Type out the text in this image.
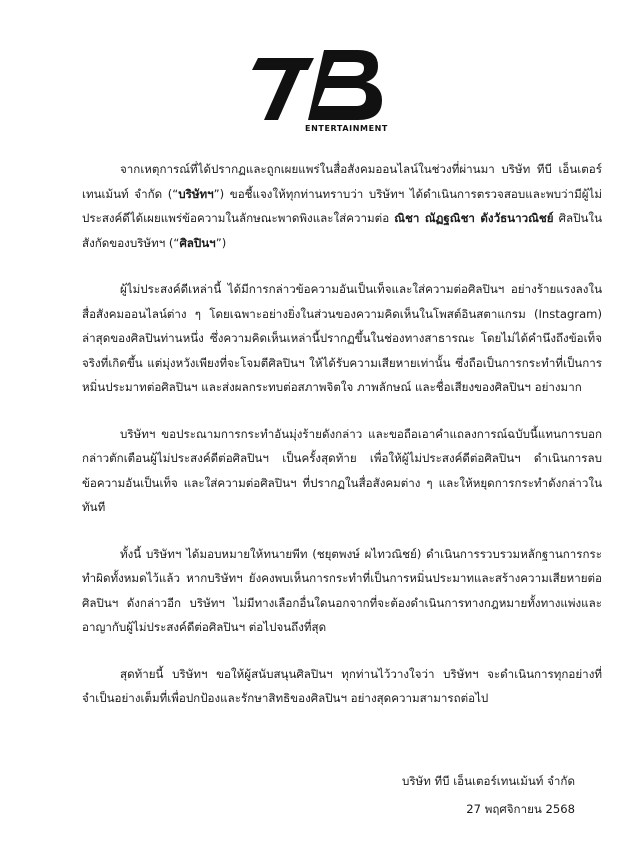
ENTERTAINMENT

จากเหตุการณ์ที่ได้ปรากฏและถูกเผยแพร่ในสื่อสังคมออนไลน์ในช่วงที่ผ่านมา บริษัท ทีบี เอ็นเตอร์เทนเม้นท์ จำกัด (“บริษัทฯ”) ขอชี้แจงให้ทุกท่านทราบว่า บริษัทฯ ได้ดำเนินการตรวจสอบและพบว่ามีผู้ไม่ประสงค์ดีได้เผยแพร่ข้อความในลักษณะพาดพิงและใส่ความต่อ ณิชา ณัฏฐณิชา ดังวัธนาวณิชย์ ศิลปินในสังกัดของบริษัทฯ (“ศิลปินฯ”)

ผู้ไม่ประสงค์ดีเหล่านี้ ได้มีการกล่าวข้อความอันเป็นเท็จและใส่ความต่อศิลปินฯ อย่างร้ายแรงลงในสื่อสังคมออนไลน์ต่าง ๆ โดยเฉพาะอย่างยิ่งในส่วนของความคิดเห็นในโพสต์อินสตาแกรม (Instagram) ล่าสุดของศิลปินท่านหนึ่ง ซึ่งความคิดเห็นเหล่านี้ปรากฏขึ้นในช่องทางสาธารณะ โดยไม่ได้คำนึงถึงข้อเท็จจริงที่เกิดขึ้น แต่มุ่งหวังเพียงที่จะโจมตีศิลปินฯ ให้ได้รับความเสียหายเท่านั้น ซึ่งถือเป็นการกระทำที่เป็นการหมิ่นประมาทต่อศิลปินฯ และส่งผลกระทบต่อสภาพจิตใจ ภาพลักษณ์ และชื่อเสียงของศิลปินฯ อย่างมาก

บริษัทฯ ขอประณามการกระทำอันมุ่งร้ายดังกล่าว และขอถือเอาคำแถลงการณ์ฉบับนี้แทนการบอกกล่าวตักเตือนผู้ไม่ประสงค์ดีต่อศิลปินฯ เป็นครั้งสุดท้าย เพื่อให้ผู้ไม่ประสงค์ดีต่อศิลปินฯ ดำเนินการลบข้อความอันเป็นเท็จ และใส่ความต่อศิลปินฯ ที่ปรากฏในสื่อสังคมต่าง ๆ และให้หยุดการกระทำดังกล่าวในทันที

ทั้งนี้ บริษัทฯ ได้มอบหมายให้ทนายพีท (ชยุตพงษ์ ผไทวณิชย์) ดำเนินการรวบรวมหลักฐานการกระทำผิดทั้งหมดไว้แล้ว หากบริษัทฯ ยังคงพบเห็นการกระทำที่เป็นการหมิ่นประมาทและสร้างความเสียหายต่อศิลปินฯ ดังกล่าวอีก บริษัทฯ ไม่มีทางเลือกอื่นใดนอกจากที่จะต้องดำเนินการทางกฎหมายทั้งทางแพ่งและอาญากับผู้ไม่ประสงค์ดีต่อศิลปินฯ ต่อไปจนถึงที่สุด

สุดท้ายนี้ บริษัทฯ ขอให้ผู้สนับสนุนศิลปินฯ ทุกท่านไว้วางใจว่า บริษัทฯ จะดำเนินการทุกอย่างที่จำเป็นอย่างเต็มที่เพื่อปกป้องและรักษาสิทธิของศิลปินฯ อย่างสุดความสามารถต่อไป

บริษัท ทีบี เอ็นเตอร์เทนเม้นท์ จำกัด
27 พฤศจิกายน 2568
